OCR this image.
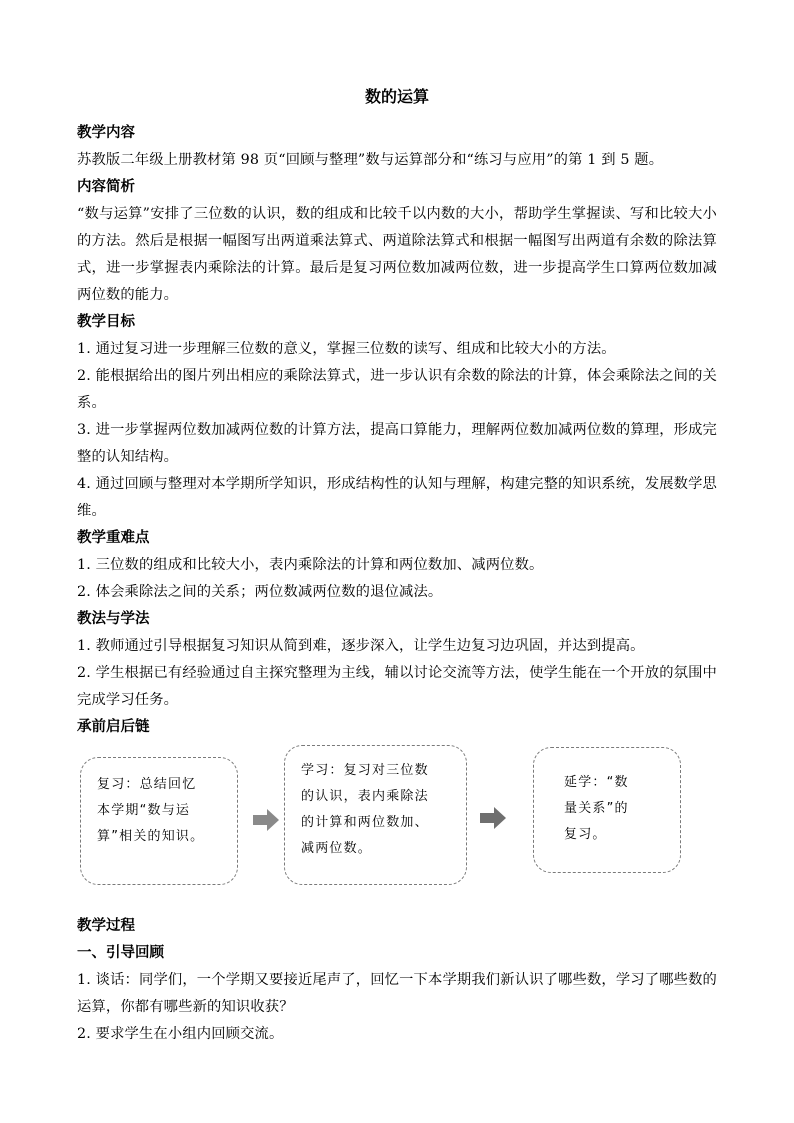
数的运算
教学内容
苏教版二年级上册教材第 98 页“回顾与整理”数与运算部分和“练习与应用”的第 1 到 5 题。
内容简析
“数与运算”安排了三位数的认识，数的组成和比较千以内数的大小，帮助学生掌握读、写和比较大小的方法。然后是根据一幅图写出两道乘法算式、两道除法算式和根据一幅图写出两道有余数的除法算式，进一步掌握表内乘除法的计算。最后是复习两位数加减两位数，进一步提高学生口算两位数加减两位数的能力。
教学目标
1. 通过复习进一步理解三位数的意义，掌握三位数的读写、组成和比较大小的方法。
2. 能根据给出的图片列出相应的乘除法算式，进一步认识有余数的除法的计算，体会乘除法之间的关系。
3. 进一步掌握两位数加减两位数的计算方法，提高口算能力，理解两位数加减两位数的算理，形成完整的认知结构。
4. 通过回顾与整理对本学期所学知识，形成结构性的认知与理解，构建完整的知识系统，发展数学思维。
教学重难点
1. 三位数的组成和比较大小，表内乘除法的计算和两位数加、减两位数。
2. 体会乘除法之间的关系；两位数减两位数的退位减法。
教法与学法
1. 教师通过引导根据复习知识从简到难，逐步深入，让学生边复习边巩固，并达到提高。
2. 学生根据已有经验通过自主探究整理为主线，辅以讨论交流等方法，使学生能在一个开放的氛围中完成学习任务。
承前启后链
复习：总结回忆
本学期“数与运
算”相关的知识。
学习：复习对三位数
的认识，表内乘除法
的计算和两位数加、
减两位数。
延学：“数
量关系”的
复习。
教学过程
一、引导回顾
1. 谈话：同学们，一个学期又要接近尾声了，回忆一下本学期我们新认识了哪些数，学习了哪些数的运算，你都有哪些新的知识收获？
2. 要求学生在小组内回顾交流。
